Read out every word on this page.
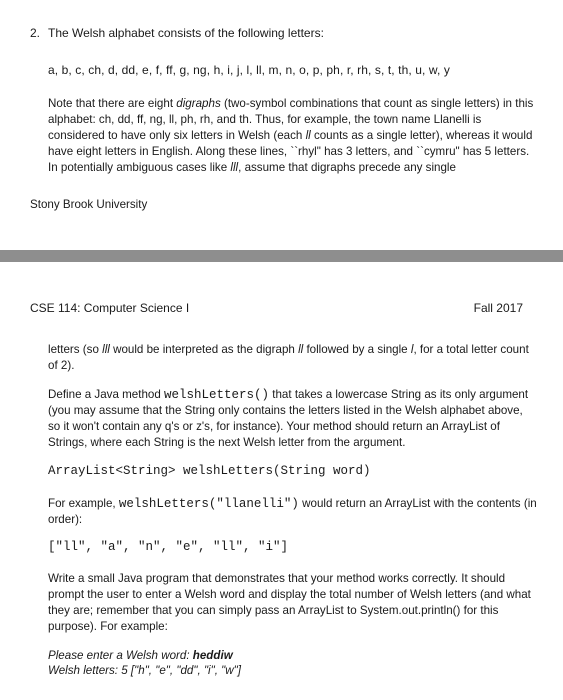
2. The Welsh alphabet consists of the following letters:
a, b, c, ch, d, dd, e, f, ff, g, ng, h, i, j, l, ll, m, n, o, p, ph, r, rh, s, t, th, u, w, y
Note that there are eight digraphs (two-symbol combinations that count as single letters) in this alphabet: ch, dd, ff, ng, ll, ph, rh, and th. Thus, for example, the town name Llanelli is considered to have only six letters in Welsh (each ll counts as a single letter), whereas it would have eight letters in English. Along these lines, ``rhyl" has 3 letters, and ``cymru" has 5 letters. In potentially ambiguous cases like lll, assume that digraphs precede any single
Stony Brook University
CSE 114: Computer Science I	Fall 2017
letters (so lll would be interpreted as the digraph ll followed by a single l, for a total letter count of 2).
Define a Java method welshLetters() that takes a lowercase String as its only argument (you may assume that the String only contains the letters listed in the Welsh alphabet above, so it won't contain any q's or z's, for instance). Your method should return an ArrayList of Strings, where each String is the next Welsh letter from the argument.
ArrayList<String> welshLetters(String word)
For example, welshLetters("llanelli") would return an ArrayList with the contents (in order):
["ll", "a", "n", "e", "ll", "i"]
Write a small Java program that demonstrates that your method works correctly. It should prompt the user to enter a Welsh word and display the total number of Welsh letters (and what they are; remember that you can simply pass an ArrayList to System.out.println() for this purpose). For example:
Please enter a Welsh word: heddiw
Welsh letters: 5 ["h", "e", "dd", "i", "w"]
